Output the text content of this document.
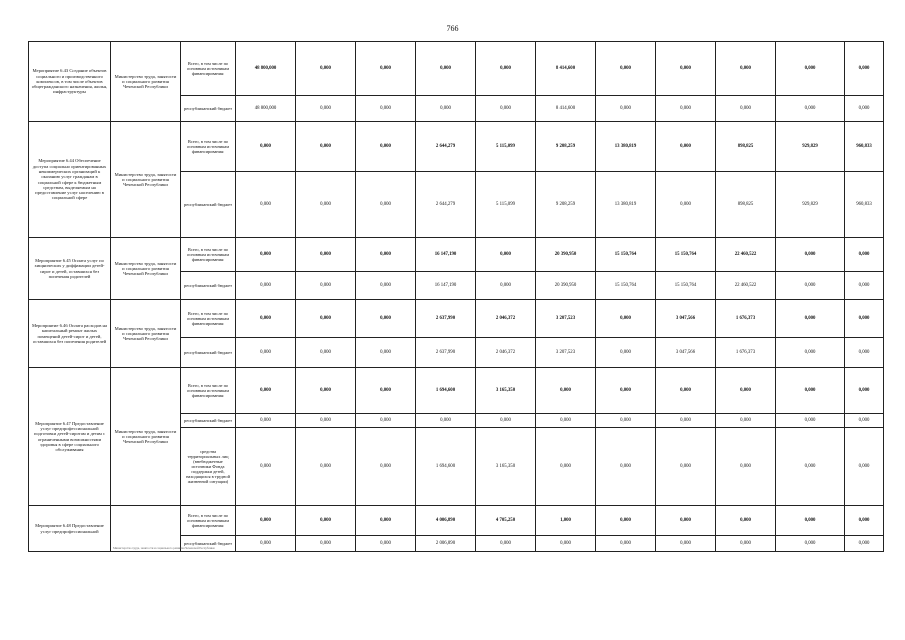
766
Мероприятие 6.43 Создание объектов социального и производственного комплексов, в том числе объектов общегражданского назначения, жилья, инфраструктуры	Министерство труда, занятости и социального развития Чеченской Республики	Всего, в том числе по основным источникам финансирования:	48 800,000	0,000	0,000	0,000	0,000	8 414,600	0,000	0,000	0,000	0,000	0,000
		республиканский бюджет	48 800,000	0,000	0,000	0,000	0,000	8 414,600	0,000	0,000	0,000	0,000	0,000
Мероприятие 6.44 Обеспечение доступа социально ориентированных некоммерческих организаций к оказанию услуг гражданам в социальной сфере к бюджетным средствам, выделяемым на предоставление услуг населению в социальной сфере	Министерство труда, занятости и социального развития Чеченской Республики	Всего, в том числе по основным источникам финансирования:	0,000	0,000	0,000	2 644,279	5 115,099	9 208,259	13 380,819	0,000	898,825	929,829	960,833
		республиканский бюджет	0,000	0,000	0,000	2 644,279	5 115,099	9 208,259	13 380,819	0,000	898,825	929,829	960,833
Мероприятие 6.45 Оплата услуг по хищнических у диффамации детей-сирот и детей, оставшихся без попечения родителей	Министерство труда, занятости и социального развития Чеченской Республики	Всего, в том числе по основным источникам финансирования:	0,000	0,000	0,000	16 147,190	0,000	20 390,950	15 150,764	15 150,764	22 460,522	0,000	0,000
		республиканский бюджет	0,000	0,000	0,000	16 147,190	0,000	20 390,950	15 150,764	15 150,764	22 460,522	0,000	0,000
Мероприятие 6.46 Оплата расходов на капитальный ремонт жилых помещений детей-сирот и детей, оставшихся без попечения родителей	Министерство труда, занятости и социального развития Чеченской Республики	Всего, в том числе по основным источникам финансирования:	0,000	0,000	0,000	2 637,990	2 046,372	3 207,523	0,000	3 047,566	1 676,373	0,000	0,000
		республиканский бюджет	0,000	0,000	0,000	2 637,990	2 046,372	3 207,523	0,000	3 047,566	1 676,373	0,000	0,000
Мероприятие 6.47 Предоставление услуг предпрофессиональной подготовки детей-сиротам и детям с ограниченными возможностями здоровья в сфере социального обслуживания	Министерство труда, занятости и социального развития Чеченской Республики	Всего, в том числе по основным источникам финансирования:	0,000	0,000	0,000	1 694,600	3 165,350	0,000	0,000	0,000	0,000	0,000	0,000
		республиканский бюджет	0,000	0,000	0,000	0,000	0,000	0,000	0,000	0,000	0,000	0,000	0,000
		средства территориальных лиц (внебюджетные источники Фонда поддержки детей, находящихся в трудной жизненной ситуации)	0,000	0,000	0,000	1 694,600	3 165,350	0,000	0,000	0,000	0,000	0,000	0,000
Мероприятие 6.48 Предоставление услуг предпрофессиональной	Министерство труда, занятости и социального развития Чеченской Республики	Всего, в том числе по основным источникам финансирования:	0,000	0,000	0,000	4 006,890	4 705,250	1,000	0,000	0,000	0,000	0,000	0,000
		республиканский бюджет	0,000	0,000	0,000	2 006,890	0,000	0,000	0,000	0,000	0,000	0,000	0,000
